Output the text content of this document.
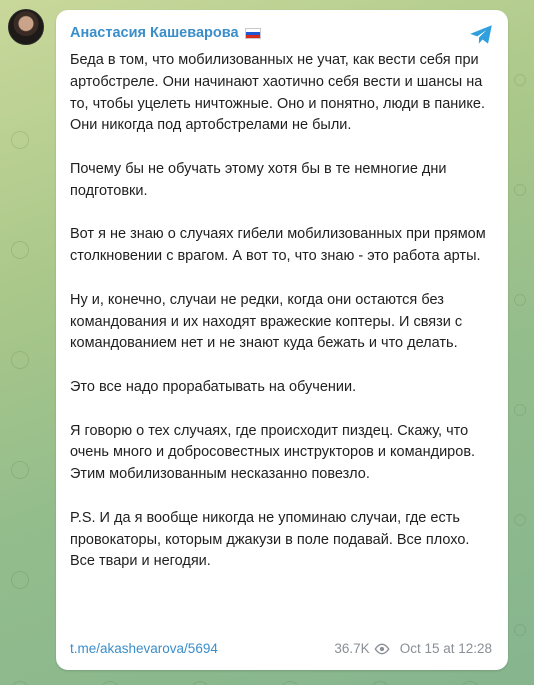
Анастасия Кашеварова

Беда в том, что мобилизованных не учат, как вести себя при артобстреле. Они начинают хаотично себя вести и шансы на то, чтобы уцелеть ничтожные. Оно и понятно, люди в панике. Они никогда под артобстрелами не были.

Почему бы не обучать этому хотя бы в те немногие дни подготовки.

Вот я не знаю о случаях гибели мобилизованных при прямом столкновении с врагом. А вот то, что знаю - это работа арты.

Ну и, конечно, случаи не редки, когда они остаются без командования и их находят вражеские коптеры. И связи с командованием нет и не знают куда бежать и что делать.

Это все надо прорабатывать на обучении.

Я говорю о тех случаях, где происходит пиздец. Скажу, что очень много и добросовестных инструкторов и командиров. Этим мобилизованным несказанно повезло.

P.S. И да я вообще никогда не упоминаю случаи, где есть провокаторы, которым джакузи в поле подавай. Все плохо. Все твари и негодяи.

t.me/akashevarova/5694	36.7K Oct 15 at 12:28
